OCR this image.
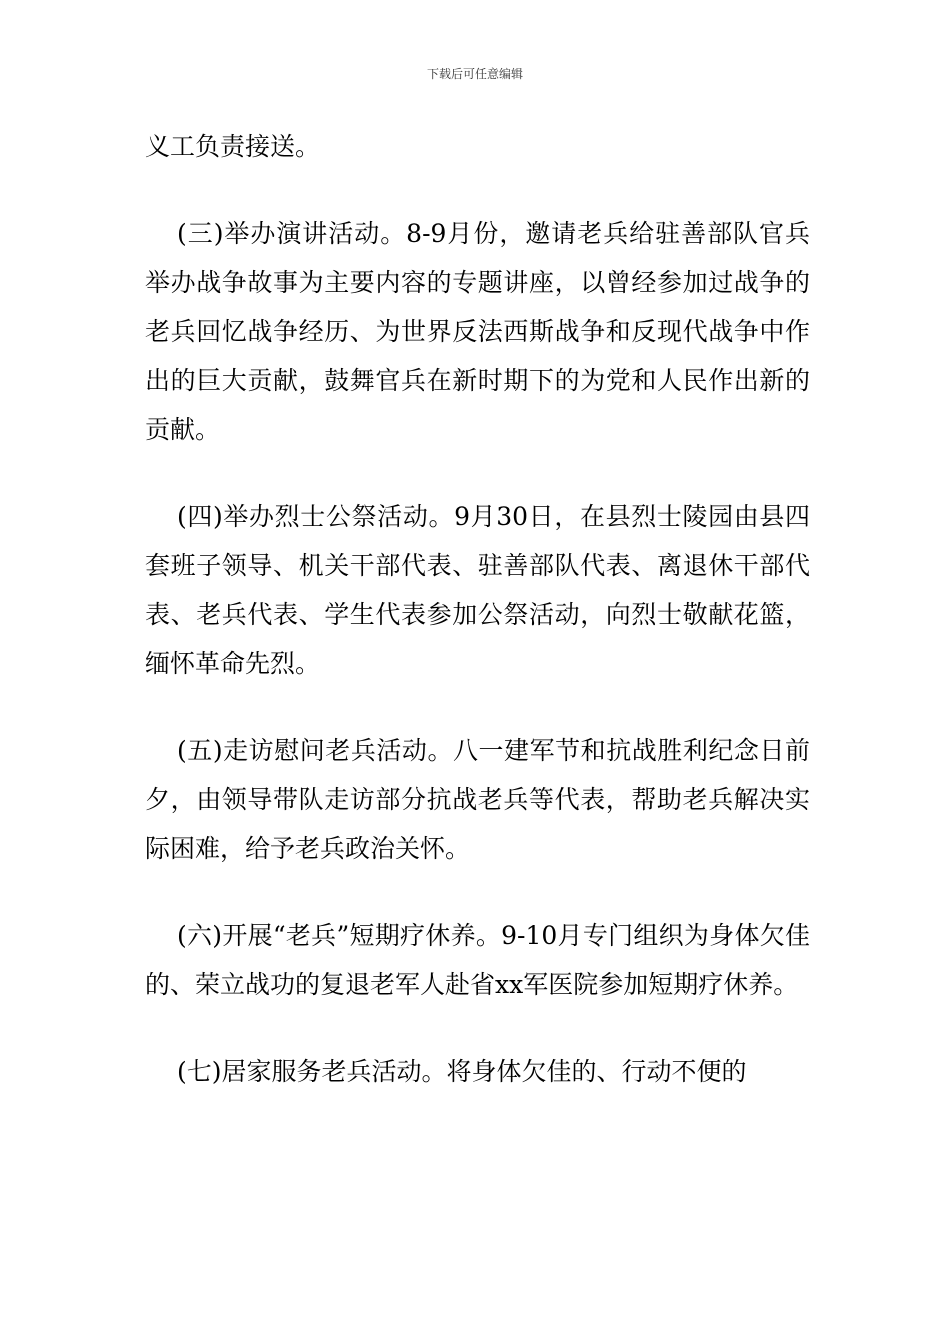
下载后可任意编辑

义工负责接送。

(三)举办演讲活动。8-9月份，邀请老兵给驻善部队官兵举办战争故事为主要内容的专题讲座，以曾经参加过战争的老兵回忆战争经历、为世界反法西斯战争和反现代战争中作出的巨大贡献，鼓舞官兵在新时期下的为党和人民作出新的贡献。

(四)举办烈士公祭活动。9月30日，在县烈士陵园由县四套班子领导、机关干部代表、驻善部队代表、离退休干部代表、老兵代表、学生代表参加公祭活动，向烈士敬献花篮，缅怀革命先烈。

(五)走访慰问老兵活动。八一建军节和抗战胜利纪念日前夕，由领导带队走访部分抗战老兵等代表，帮助老兵解决实际困难，给予老兵政治关怀。

(六)开展“老兵”短期疗休养。9-10月专门组织为身体欠佳的、荣立战功的复退老军人赴省xx军医院参加短期疗休养。

(七)居家服务老兵活动。将身体欠佳的、行动不便的
